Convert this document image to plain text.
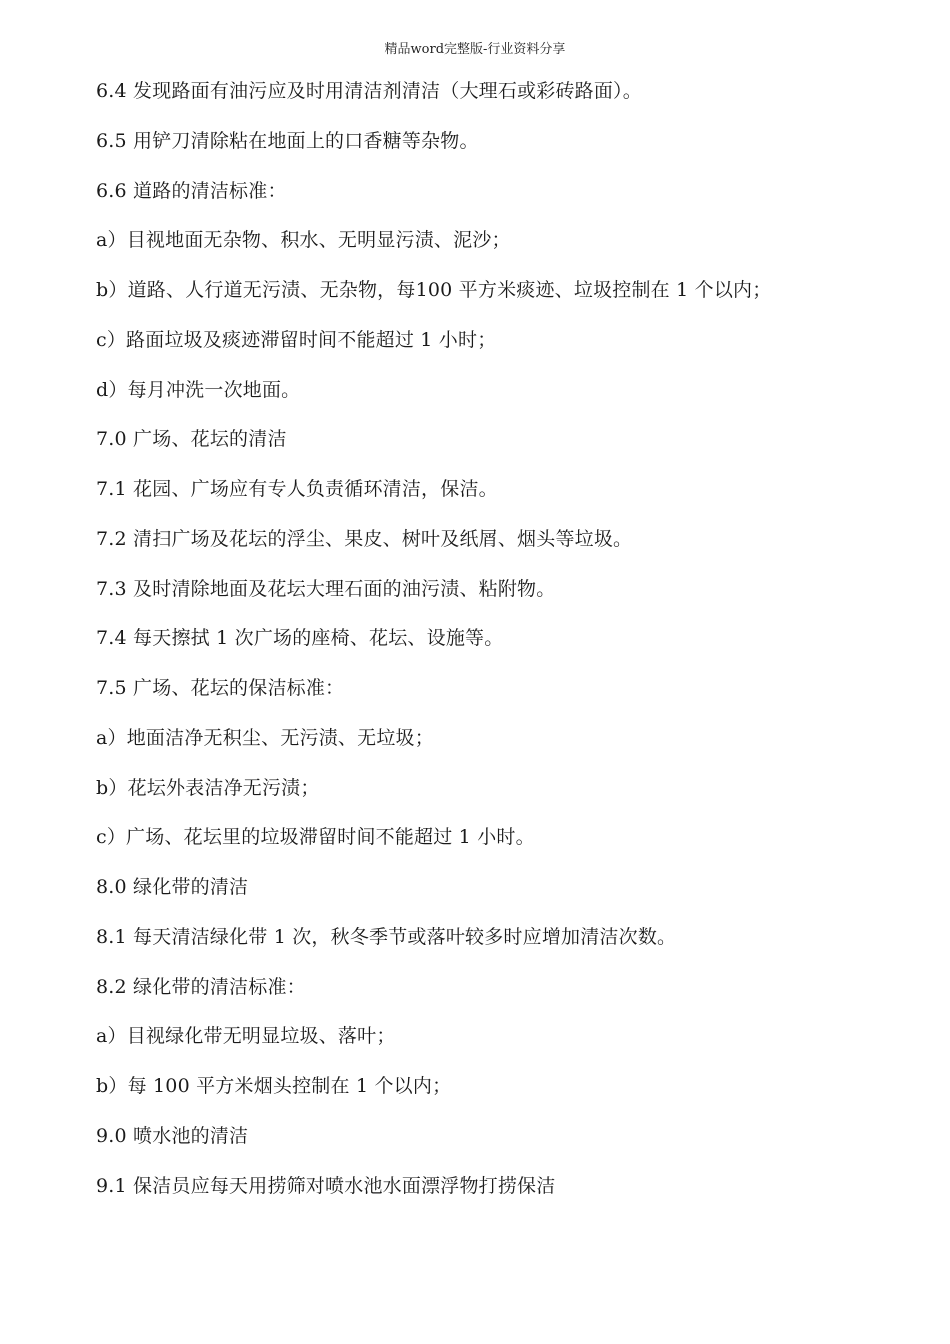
精品word完整版-行业资料分享
6.4 发现路面有油污应及时用清洁剂清洁（大理石或彩砖路面）。
6.5 用铲刀清除粘在地面上的口香糖等杂物。
6.6 道路的清洁标准：
a）目视地面无杂物、积水、无明显污渍、泥沙；
b）道路、人行道无污渍、无杂物，每100 平方米痰迹、垃圾控制在 1 个以内；
c）路面垃圾及痰迹滞留时间不能超过 1 小时；
d）每月冲洗一次地面。
7.0 广场、花坛的清洁
7.1 花园、广场应有专人负责循环清洁，保洁。
7.2 清扫广场及花坛的浮尘、果皮、树叶及纸屑、烟头等垃圾。
7.3 及时清除地面及花坛大理石面的油污渍、粘附物。
7.4 每天擦拭 1 次广场的座椅、花坛、设施等。
7.5 广场、花坛的保洁标准：
a）地面洁净无积尘、无污渍、无垃圾；
b）花坛外表洁净无污渍；
c）广场、花坛里的垃圾滞留时间不能超过 1 小时。
8.0 绿化带的清洁
8.1 每天清洁绿化带 1 次，秋冬季节或落叶较多时应增加清洁次数。
8.2 绿化带的清洁标准：
a）目视绿化带无明显垃圾、落叶；
b）每 100 平方米烟头控制在 1 个以内；
9.0 喷水池的清洁
9.1 保洁员应每天用捞筛对喷水池水面漂浮物打捞保洁
